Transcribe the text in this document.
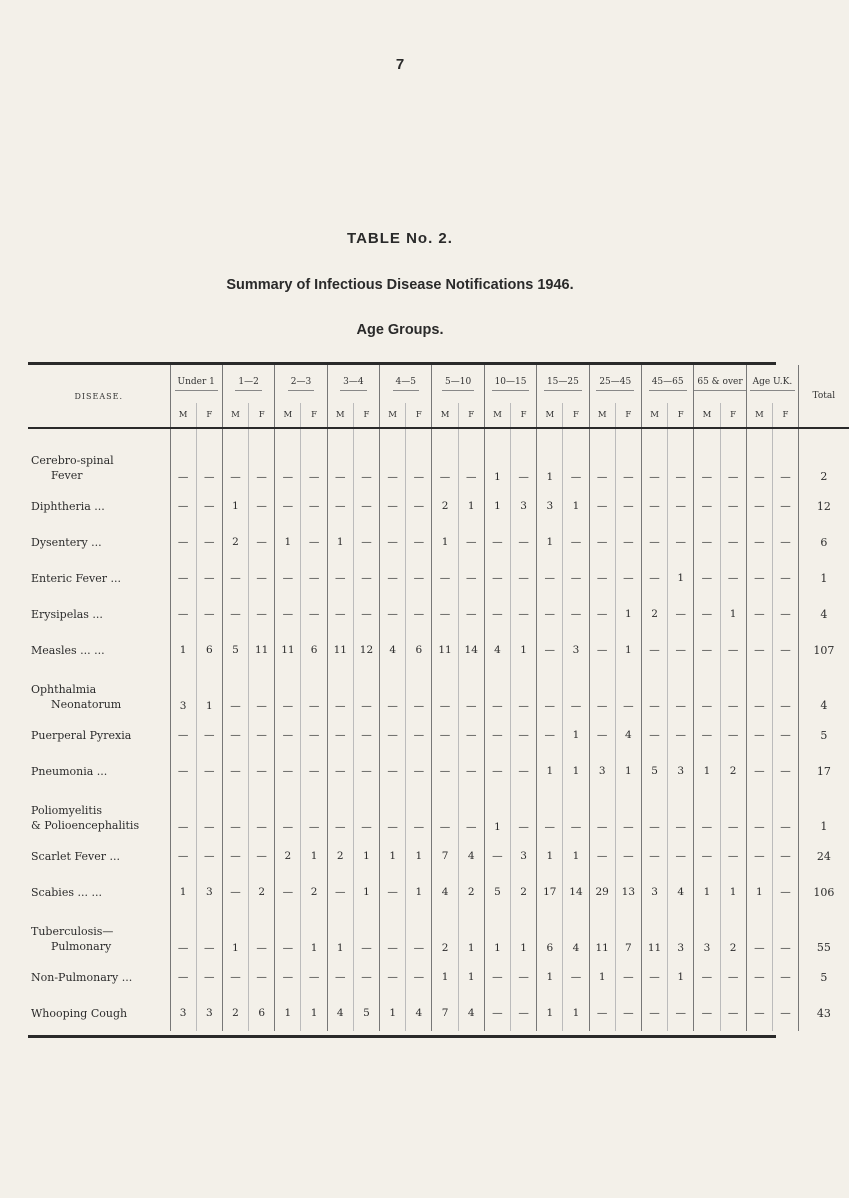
7
TABLE No. 2.
Summary of Infectious Disease Notifications 1946.
Age Groups.
DISEASE.	Under 1		1—2		2—3		3—4		4—5		5—10		10—15		15—25		25—45		45—65		65 & over		Age U.K.		Total
	M	F	M	F	M	F	M	F	M	F	M	F	M	F	M	F	M	F	M	F	M	F	M	F	

Cerebro-spinal
Fever	—	—	—	—	—	—	—	—	—	—	—	—	1	—	1	—	—	—	—	—	—	—	—	—	2

Diphtheria ...	—	—	1	—	—	—	—	—	—	—	2	1	1	3	3	1	—	—	—	—	—	—	—	—	12

Dysentery ...	—	—	2	—	1	—	1	—	—	—	1	—	—	—	1	—	—	—	—	—	—	—	—	—	6

Enteric Fever ...	—	—	—	—	—	—	—	—	—	—	—	—	—	—	—	—	—	—	—	1	—	—	—	—	1

Erysipelas ...	—	—	—	—	—	—	—	—	—	—	—	—	—	—	—	—	—	1	2	—	—	1	—	—	4

Measles ... ...	1	6	5	11	11	6	11	12	4	6	11	14	4	1	—	3	—	1	—	—	—	—	—	—	107

Ophthalmia
Neonatorum	3	1	—	—	—	—	—	—	—	—	—	—	—	—	—	—	—	—	—	—	—	—	—	—	4

Puerperal Pyrexia	—	—	—	—	—	—	—	—	—	—	—	—	—	—	—	1	—	4	—	—	—	—	—	—	5

Pneumonia ...	—	—	—	—	—	—	—	—	—	—	—	—	—	—	1	1	3	1	5	3	1	2	—	—	17

Poliomyelitis
& Polioencephalitis	—	—	—	—	—	—	—	—	—	—	—	—	1	—	—	—	—	—	—	—	—	—	—	—	1

Scarlet Fever ...	—	—	—	—	2	1	2	1	1	1	7	4	—	3	1	1	—	—	—	—	—	—	—	—	24

Scabies ... ...	1	3	—	2	—	2	—	1	—	1	4	2	5	2	17	14	29	13	3	4	1	1	1	—	106

Tuberculosis—
Pulmonary	—	—	1	—	—	1	1	—	—	—	2	1	1	1	6	4	11	7	11	3	3	2	—	—	55

Non-Pulmonary ...	—	—	—	—	—	—	—	—	—	—	1	1	—	—	1	—	1	—	—	1	—	—	—	—	5

Whooping Cough	3	3	2	6	1	1	4	5	1	4	7	4	—	—	1	1	—	—	—	—	—	—	—	—	43
